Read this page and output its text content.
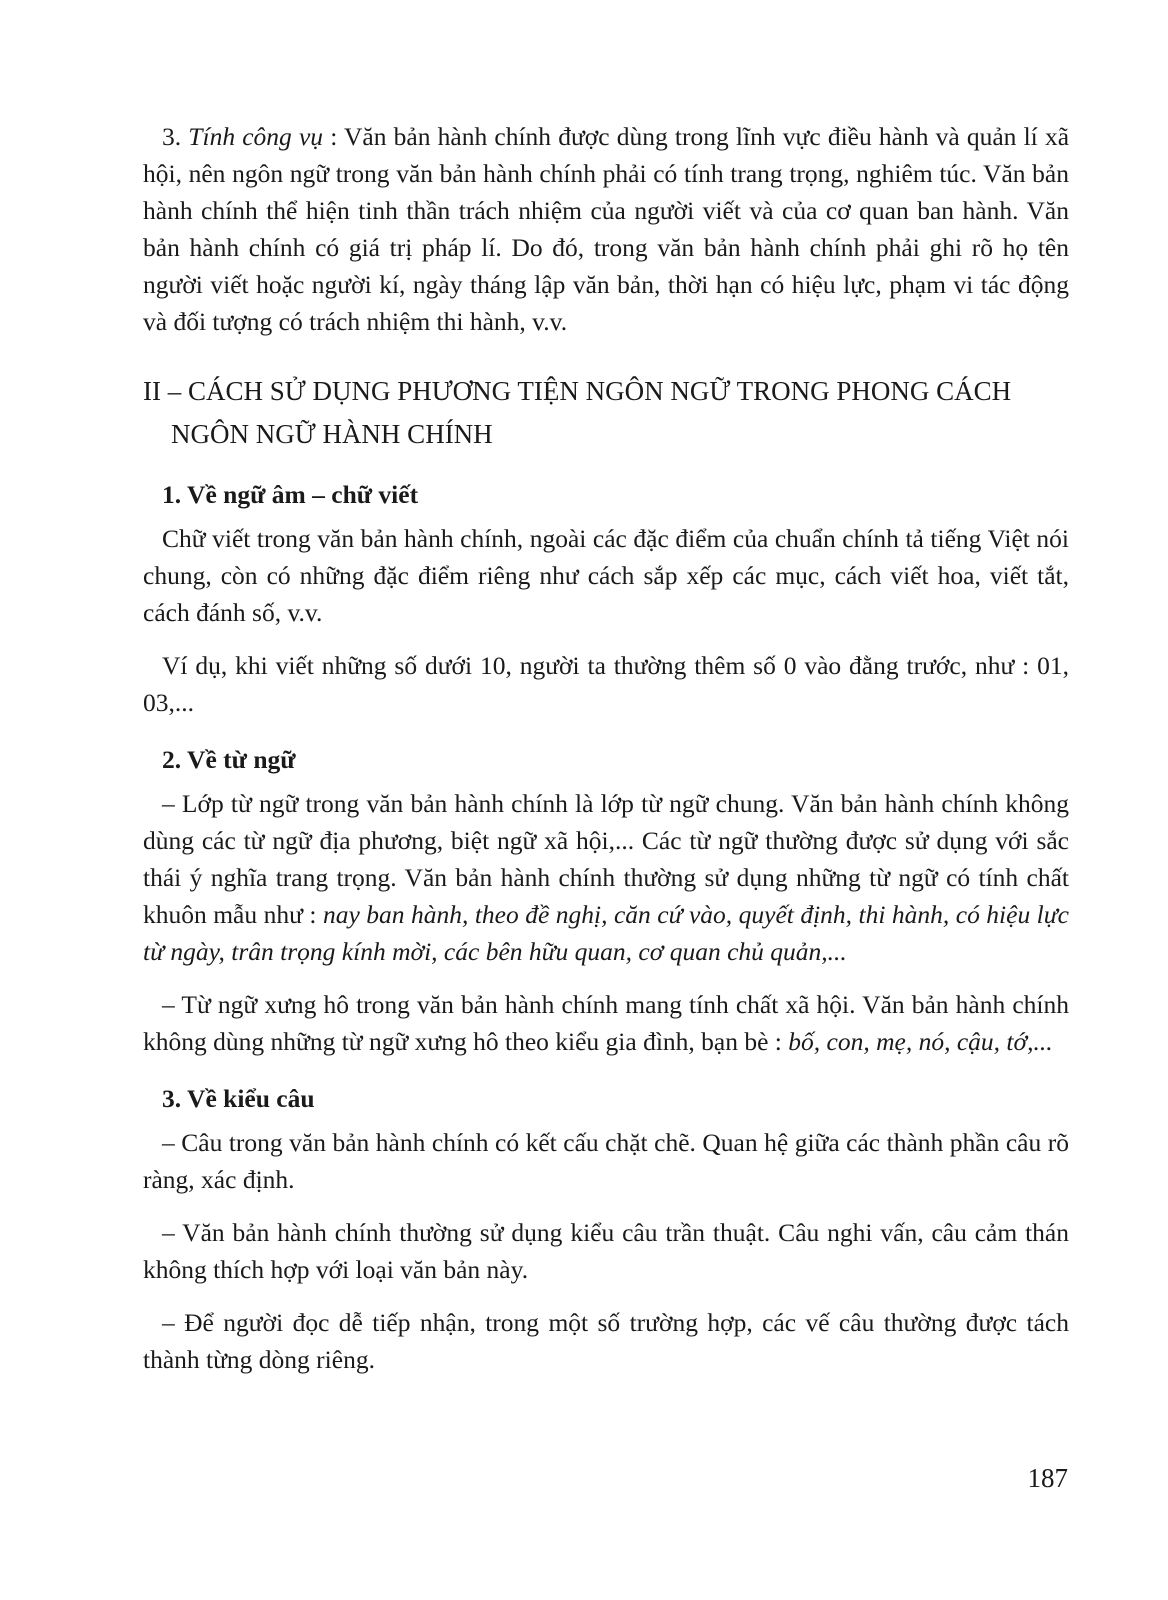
3. Tính công vụ : Văn bản hành chính được dùng trong lĩnh vực điều hành và quản lí xã hội, nên ngôn ngữ trong văn bản hành chính phải có tính trang trọng, nghiêm túc. Văn bản hành chính thể hiện tinh thần trách nhiệm của người viết và của cơ quan ban hành. Văn bản hành chính có giá trị pháp lí. Do đó, trong văn bản hành chính phải ghi rõ họ tên người viết hoặc người kí, ngày tháng lập văn bản, thời hạn có hiệu lực, phạm vi tác động và đối tượng có trách nhiệm thi hành, v.v.

II – CÁCH SỬ DỤNG PHƯƠNG TIỆN NGÔN NGỮ TRONG PHONG CÁCH
NGÔN NGỮ HÀNH CHÍNH
1. Về ngữ âm – chữ viết

Chữ viết trong văn bản hành chính, ngoài các đặc điểm của chuẩn chính tả tiếng Việt nói chung, còn có những đặc điểm riêng như cách sắp xếp các mục, cách viết hoa, viết tắt, cách đánh số, v.v.

Ví dụ, khi viết những số dưới 10, người ta thường thêm số 0 vào đằng trước, như : 01, 03,...

2. Về từ ngữ

– Lớp từ ngữ trong văn bản hành chính là lớp từ ngữ chung. Văn bản hành chính không dùng các từ ngữ địa phương, biệt ngữ xã hội,... Các từ ngữ thường được sử dụng với sắc thái ý nghĩa trang trọng. Văn bản hành chính thường sử dụng những từ ngữ có tính chất khuôn mẫu như : nay ban hành, theo đề nghị, căn cứ vào, quyết định, thi hành, có hiệu lực từ ngày, trân trọng kính mời, các bên hữu quan, cơ quan chủ quản,...

– Từ ngữ xưng hô trong văn bản hành chính mang tính chất xã hội. Văn bản hành chính không dùng những từ ngữ xưng hô theo kiểu gia đình, bạn bè : bố, con, mẹ, nó, cậu, tớ,...

3. Về kiểu câu

– Câu trong văn bản hành chính có kết cấu chặt chẽ. Quan hệ giữa các thành phần câu rõ ràng, xác định.

– Văn bản hành chính thường sử dụng kiểu câu trần thuật. Câu nghi vấn, câu cảm thán không thích hợp với loại văn bản này.

– Để người đọc dễ tiếp nhận, trong một số trường hợp, các vế câu thường được tách thành từng dòng riêng.

187
